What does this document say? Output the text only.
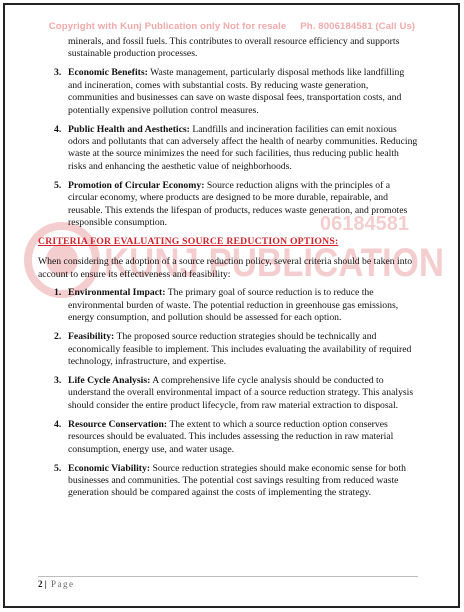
KUNJ PUBLICATION
06184581
Copyright with Kunj Publication only Not for resale Ph. 8006184581 (Call Us)

minerals, and fossil fuels. This contributes to overall resource efficiency and supports sustainable production processes.

3. Economic Benefits: Waste management, particularly disposal methods like landfilling and incineration, comes with substantial costs. By reducing waste generation, communities and businesses can save on waste disposal fees, transportation costs, and potentially expensive pollution control measures.
4. Public Health and Aesthetics: Landfills and incineration facilities can emit noxious odors and pollutants that can adversely affect the health of nearby communities. Reducing waste at the source minimizes the need for such facilities, thus reducing public health risks and enhancing the aesthetic value of neighborhoods.
5. Promotion of Circular Economy: Source reduction aligns with the principles of a circular economy, where products are designed to be more durable, repairable, and reusable. This extends the lifespan of products, reduces waste generation, and promotes responsible consumption.
CRITERIA FOR EVALUATING SOURCE REDUCTION OPTIONS:

When considering the adoption of a source reduction policy, several criteria should be taken into account to ensure its effectiveness and feasibility:

1. Environmental Impact: The primary goal of source reduction is to reduce the environmental burden of waste. The potential reduction in greenhouse gas emissions, energy consumption, and pollution should be assessed for each option.
2. Feasibility: The proposed source reduction strategies should be technically and economically feasible to implement. This includes evaluating the availability of required technology, infrastructure, and expertise.
3. Life Cycle Analysis: A comprehensive life cycle analysis should be conducted to understand the overall environmental impact of a source reduction strategy. This analysis should consider the entire product lifecycle, from raw material extraction to disposal.
4. Resource Conservation: The extent to which a source reduction option conserves resources should be evaluated. This includes assessing the reduction in raw material consumption, energy use, and water usage.
5. Economic Viability: Source reduction strategies should make economic sense for both businesses and communities. The potential cost savings resulting from reduced waste generation should be compared against the costs of implementing the strategy.
2 | Page
